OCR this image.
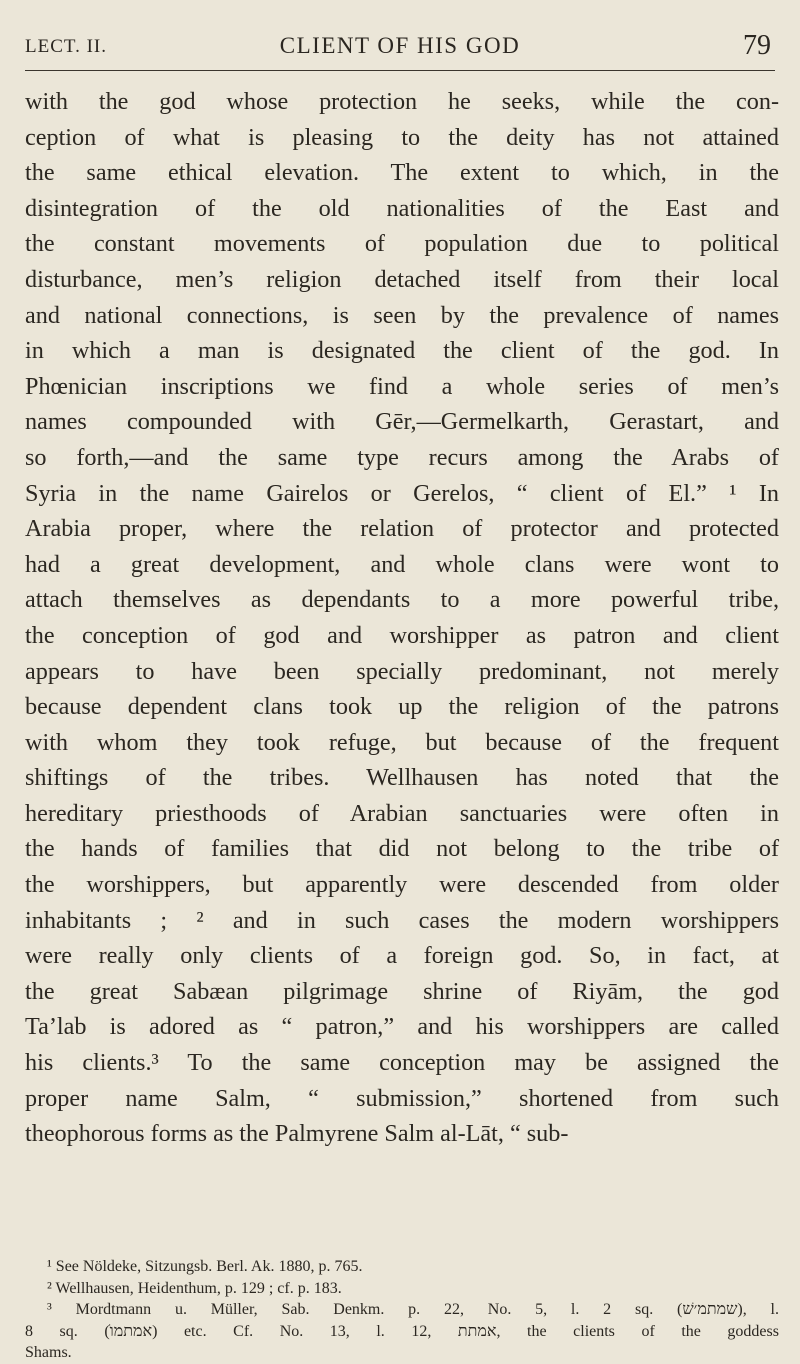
LECT. II.	CLIENT OF HIS GOD	79
with the god whose protection he seeks, while the con-
ception of what is pleasing to the deity has not attained
the same ethical elevation. The extent to which, in the
disintegration of the old nationalities of the East and
the constant movements of population due to political
disturbance, men’s religion detached itself from their local
and national connections, is seen by the prevalence of names
in which a man is designated the client of the god. In
Phœnician inscriptions we find a whole series of men’s
names compounded with Gēr,—Germelkarth, Gerastart, and
so forth,—and the same type recurs among the Arabs of
Syria in the name Gairelos or Gerelos, “ client of El.” ¹ In
Arabia proper, where the relation of protector and protected
had a great development, and whole clans were wont to
attach themselves as dependants to a more powerful tribe,
the conception of god and worshipper as patron and client
appears to have been specially predominant, not merely
because dependent clans took up the religion of the patrons
with whom they took refuge, but because of the frequent
shiftings of the tribes. Wellhausen has noted that the
hereditary priesthoods of Arabian sanctuaries were often in
the hands of families that did not belong to the tribe of
the worshippers, but apparently were descended from older
inhabitants ; ² and in such cases the modern worshippers
were really only clients of a foreign god. So, in fact, at
the great Sabæan pilgrimage shrine of Riyām, the god
Ta’lab is adored as “ patron,” and his worshippers are called
his clients.³ To the same conception may be assigned the
proper name Salm, “ submission,” shortened from such
theophorous forms as the Palmyrene Salm al-Lāt, “ sub-
¹ See Nöldeke, Sitzungsb. Berl. Ak. 1880, p. 765.
² Wellhausen, Heidenthum, p. 129 ; cf. p. 183.
³ Mordtmann u. Müller, Sab. Denkm. p. 22, No. 5, l. 2 sq. (שמתמ׳שׁ), l.
8 sq. (ׁאמתמו) etc. Cf. No. 13, l. 12, אמתת, the clients of the goddess
Shams.
